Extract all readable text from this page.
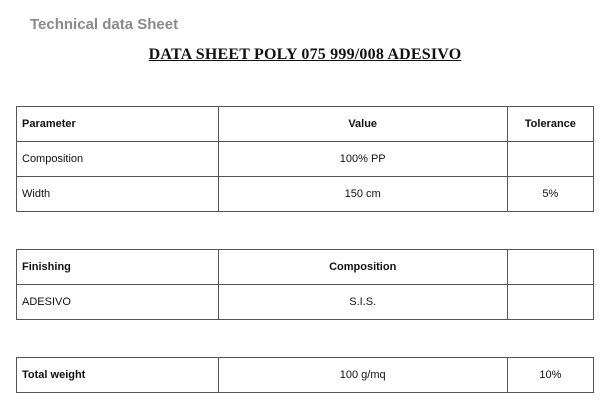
Technical data Sheet
DATA SHEET POLY 075 999/008 ADESIVO
Parameter	Value	Tolerance
Composition	100% PP	
Width	150 cm	5%
Finishing	Composition	
ADESIVO	S.I.S.	
Total weight	100 g/mq	10%
